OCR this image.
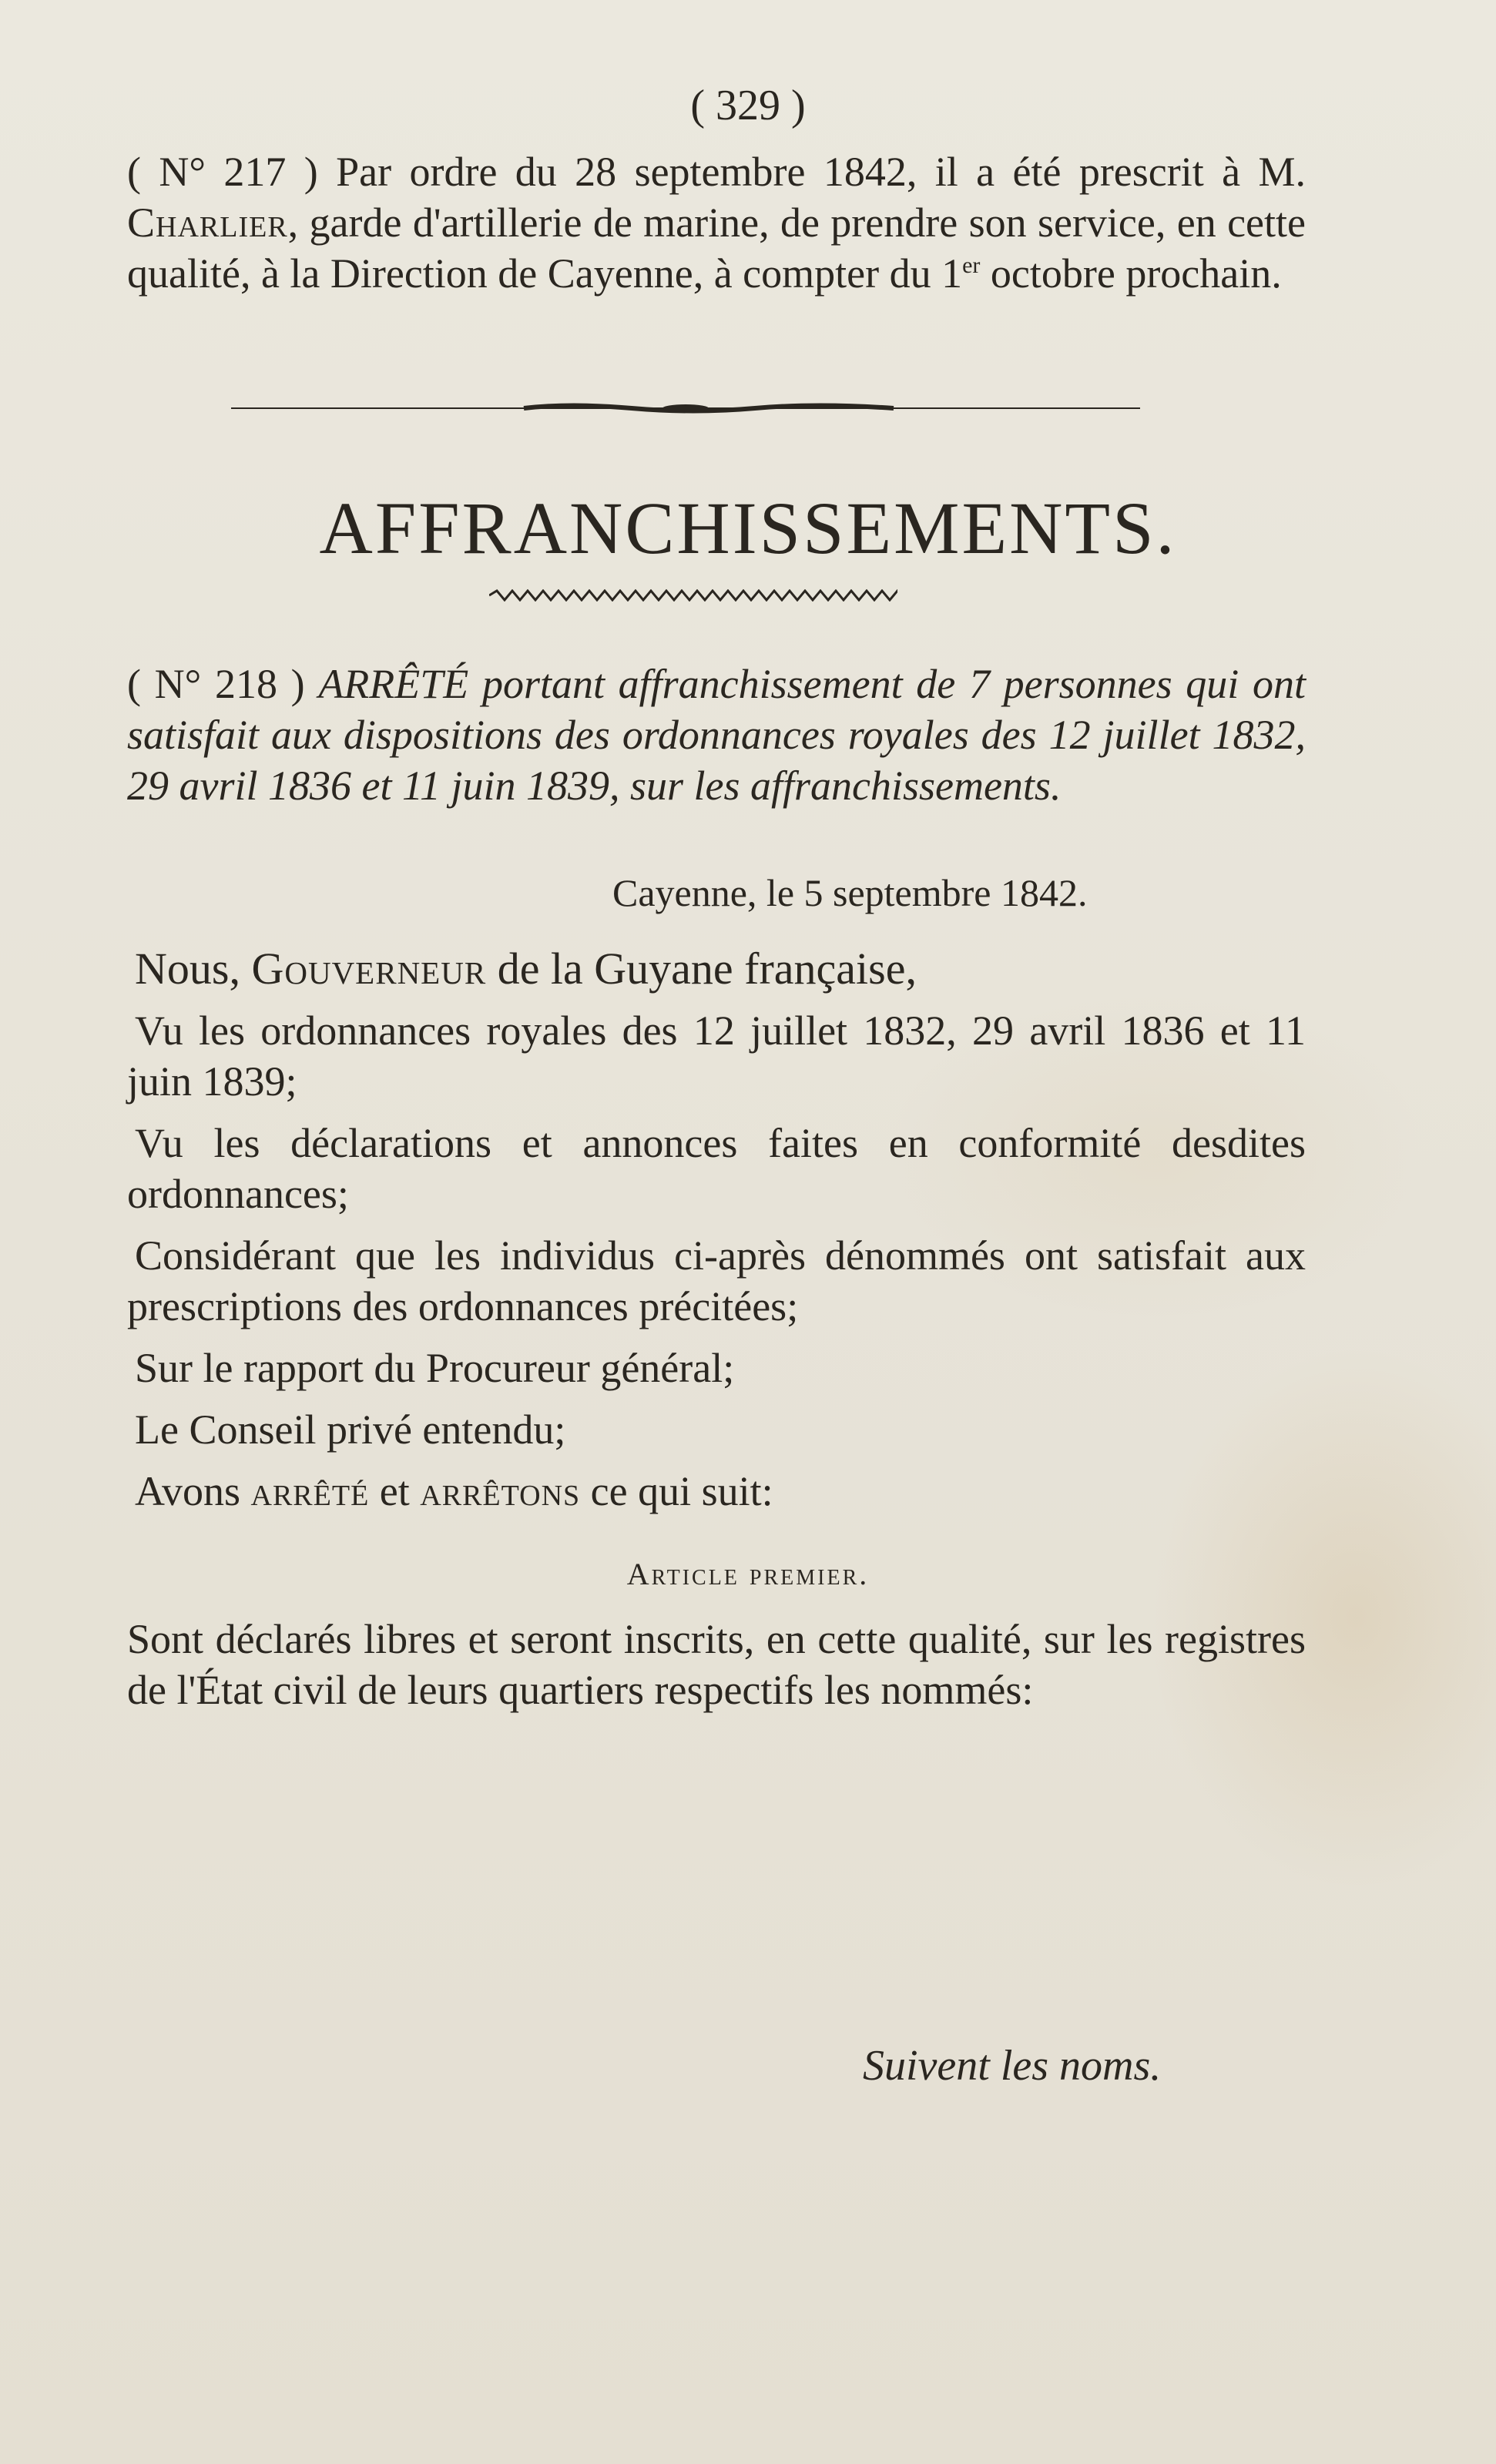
( 329 )
( N° 217 ) Par ordre du 28 septembre 1842, il a été prescrit à M. Charlier, garde d'artillerie de marine, de prendre son service, en cette qualité, à la Direction de Cayenne, à compter du 1er octobre prochain.
AFFRANCHISSEMENTS.
( N° 218 ) ARRÊTÉ portant affranchissement de 7 personnes qui ont satisfait aux dispositions des ordonnances royales des 12 juillet 1832, 29 avril 1836 et 11 juin 1839, sur les affranchissements.
Cayenne, le 5 septembre 1842.

Nous, Gouverneur de la Guyane française,

Vu les ordonnances royales des 12 juillet 1832, 29 avril 1836 et 11 juin 1839;

Vu les déclarations et annonces faites en conformité desdites ordonnances;

Considérant que les individus ci-après dénommés ont satisfait aux prescriptions des ordonnances précitées;

Sur le rapport du Procureur général;

Le Conseil privé entendu;

Avons arrêté et arrêtons ce qui suit:

Article premier.
Sont déclarés libres et seront inscrits, en cette qualité, sur les registres de l'État civil de leurs quartiers respectifs les nommés:
Suivent les noms.
